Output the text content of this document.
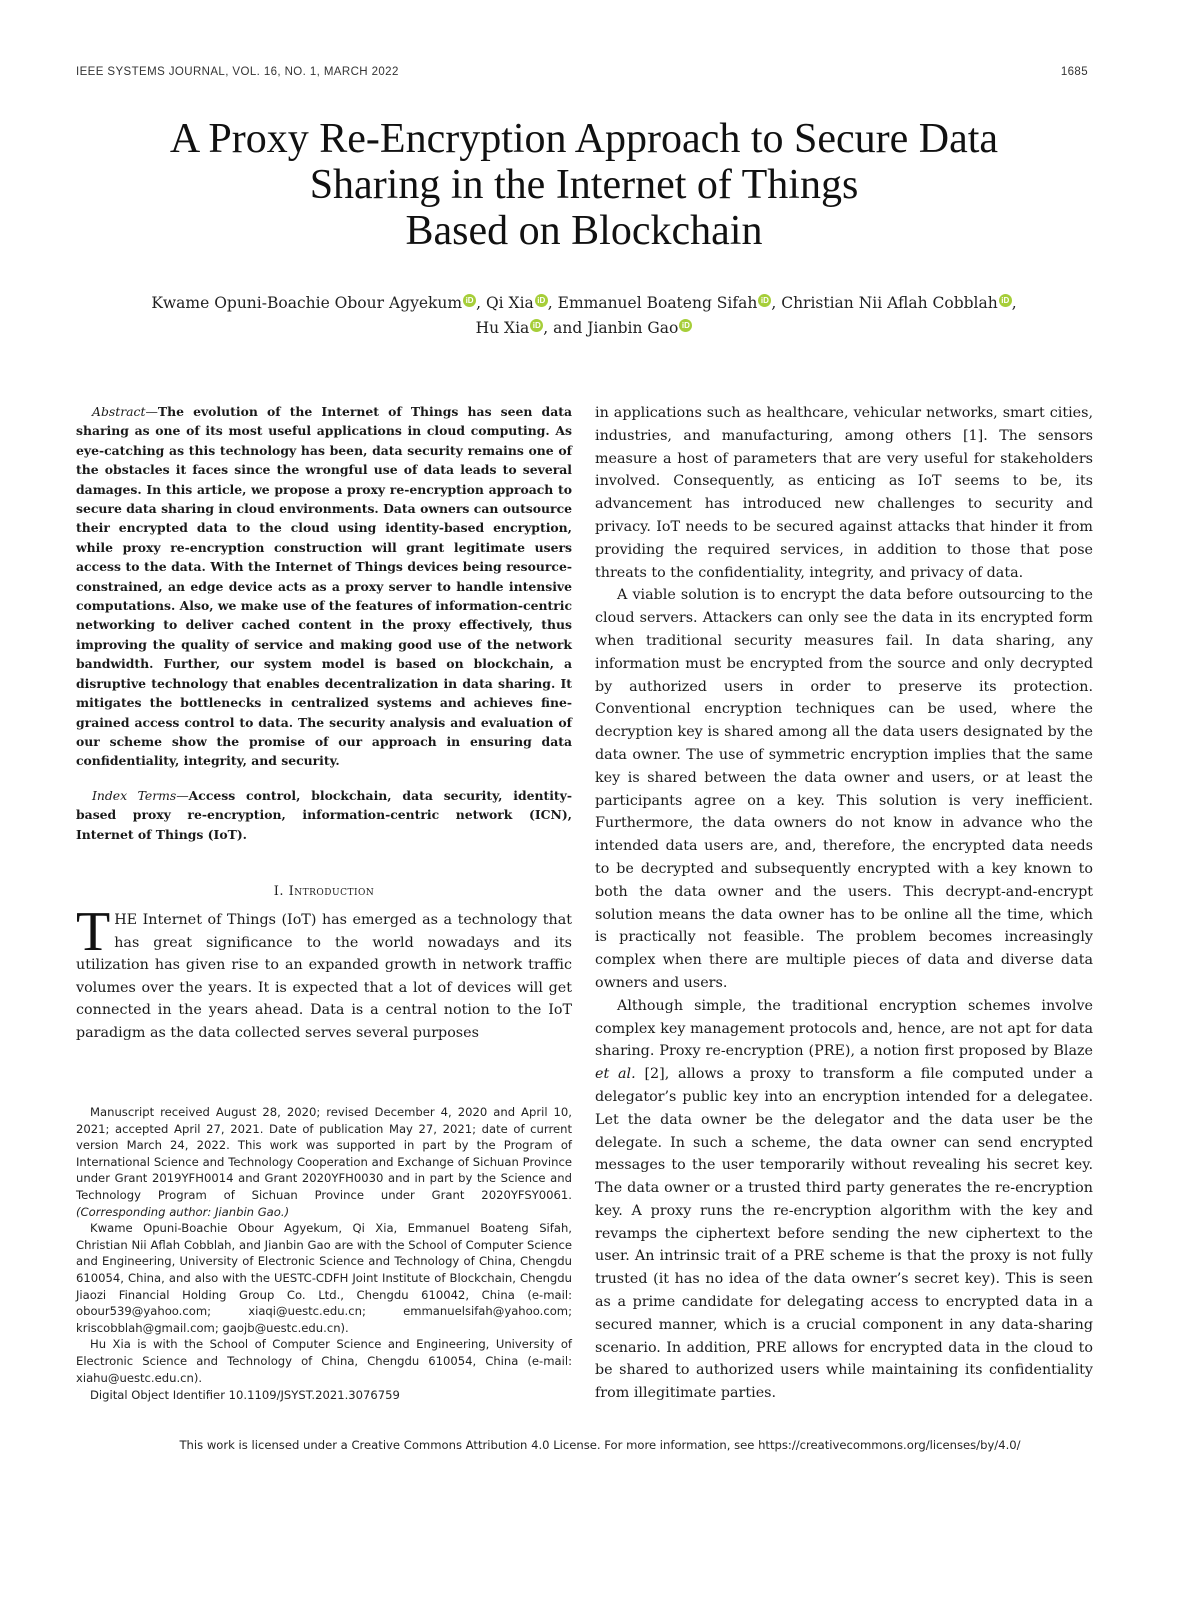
IEEE SYSTEMS JOURNAL, VOL. 16, NO. 1, MARCH 2022	1685
A Proxy Re-Encryption Approach to Secure Data
Sharing in the Internet of Things
Based on Blockchain
Kwame Opuni-Boachie Obour Agyekum iD , Qi Xia iD , Emmanuel Boateng Sifah iD , Christian Nii Aflah Cobblah iD ,
Hu Xia iD , and Jianbin Gao iD

Abstract—The evolution of the Internet of Things has seen data sharing as one of its most useful applications in cloud computing. As eye-catching as this technology has been, data security remains one of the obstacles it faces since the wrongful use of data leads to several damages. In this article, we propose a proxy re-encryption approach to secure data sharing in cloud environments. Data owners can outsource their encrypted data to the cloud using identity-based encryption, while proxy re-encryption construction will grant legitimate users access to the data. With the Internet of Things devices being resource-constrained, an edge device acts as a proxy server to handle intensive computations. Also, we make use of the features of information-centric networking to deliver cached content in the proxy effectively, thus improving the quality of service and making good use of the network bandwidth. Further, our system model is based on blockchain, a disruptive technology that enables decentralization in data sharing. It mitigates the bottlenecks in centralized systems and achieves fine-grained access control to data. The security analysis and evaluation of our scheme show the promise of our approach in ensuring data confidentiality, integrity, and security.

Index Terms—Access control, blockchain, data security, identity-based proxy re-encryption, information-centric network (ICN), Internet of Things (IoT).

I. Introduction

THE Internet of Things (IoT) has emerged as a technology that has great significance to the world nowadays and its utilization has given rise to an expanded growth in network traffic volumes over the years. It is expected that a lot of devices will get connected in the years ahead. Data is a central notion to the IoT paradigm as the data collected serves several purposes

Manuscript received August 28, 2020; revised December 4, 2020 and April 10, 2021; accepted April 27, 2021. Date of publication May 27, 2021; date of current version March 24, 2022. This work was supported in part by the Program of International Science and Technology Cooperation and Exchange of Sichuan Province under Grant 2019YFH0014 and Grant 2020YFH0030 and in part by the Science and Technology Program of Sichuan Province under Grant 2020YFSY0061. (Corresponding author: Jianbin Gao.)

Kwame Opuni-Boachie Obour Agyekum, Qi Xia, Emmanuel Boateng Sifah, Christian Nii Aflah Cobblah, and Jianbin Gao are with the School of Computer Science and Engineering, University of Electronic Science and Technology of China, Chengdu 610054, China, and also with the UESTC-CDFH Joint Institute of Blockchain, Chengdu Jiaozi Financial Holding Group Co. Ltd., Chengdu 610042, China (e-mail: obour539@yahoo.com; xiaqi@uestc.edu.cn; emmanuelsifah@yahoo.com; kriscobblah@gmail.com; gaojb@uestc.edu.cn).

Hu Xia is with the School of Computer Science and Engineering, University of Electronic Science and Technology of China, Chengdu 610054, China (e-mail: xiahu@uestc.edu.cn).

Digital Object Identifier 10.1109/JSYST.2021.3076759

in applications such as healthcare, vehicular networks, smart cities, industries, and manufacturing, among others [1]. The sensors measure a host of parameters that are very useful for stakeholders involved. Consequently, as enticing as IoT seems to be, its advancement has introduced new challenges to security and privacy. IoT needs to be secured against attacks that hinder it from providing the required services, in addition to those that pose threats to the confidentiality, integrity, and privacy of data.

A viable solution is to encrypt the data before outsourcing to the cloud servers. Attackers can only see the data in its encrypted form when traditional security measures fail. In data sharing, any information must be encrypted from the source and only decrypted by authorized users in order to preserve its protection. Conventional encryption techniques can be used, where the decryption key is shared among all the data users designated by the data owner. The use of symmetric encryption implies that the same key is shared between the data owner and users, or at least the participants agree on a key. This solution is very inefficient. Furthermore, the data owners do not know in advance who the intended data users are, and, therefore, the encrypted data needs to be decrypted and subsequently encrypted with a key known to both the data owner and the users. This decrypt-and-encrypt solution means the data owner has to be online all the time, which is practically not feasible. The problem becomes increasingly complex when there are multiple pieces of data and diverse data owners and users.

Although simple, the traditional encryption schemes involve complex key management protocols and, hence, are not apt for data sharing. Proxy re-encryption (PRE), a notion first proposed by Blaze et al. [2], allows a proxy to transform a file computed under a delegator’s public key into an encryption intended for a delegatee. Let the data owner be the delegator and the data user be the delegate. In such a scheme, the data owner can send encrypted messages to the user temporarily without revealing his secret key. The data owner or a trusted third party generates the re-encryption key. A proxy runs the re-encryption algorithm with the key and revamps the ciphertext before sending the new ciphertext to the user. An intrinsic trait of a PRE scheme is that the proxy is not fully trusted (it has no idea of the data owner’s secret key). This is seen as a prime candidate for delegating access to encrypted data in a secured manner, which is a crucial component in any data-sharing scenario. In addition, PRE allows for encrypted data in the cloud to be shared to authorized users while maintaining its confidentiality from illegitimate parties.

This work is licensed under a Creative Commons Attribution 4.0 License. For more information, see https://creativecommons.org/licenses/by/4.0/
